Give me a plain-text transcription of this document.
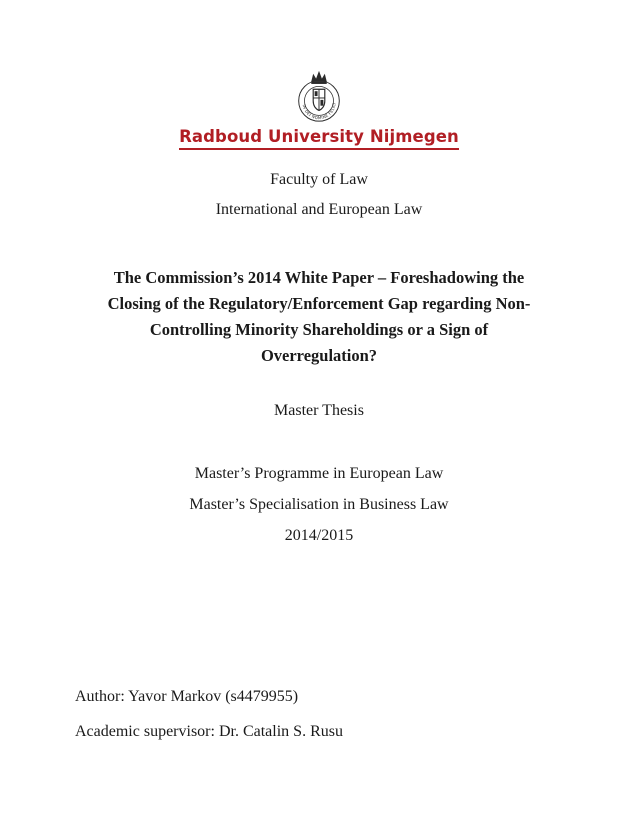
IN DEI NOMINE FELICI
Radboud University Nijmegen
Faculty of Law
International and European Law
The Commission’s 2014 White Paper – Foreshadowing the
Closing of the Regulatory/Enforcement Gap regarding Non-
Controlling Minority Shareholdings or a Sign of
Overregulation?
Master Thesis
Master’s Programme in European Law
Master’s Specialisation in Business Law
2014/2015
Author: Yavor Markov (s4479955)
Academic supervisor: Dr. Catalin S. Rusu
